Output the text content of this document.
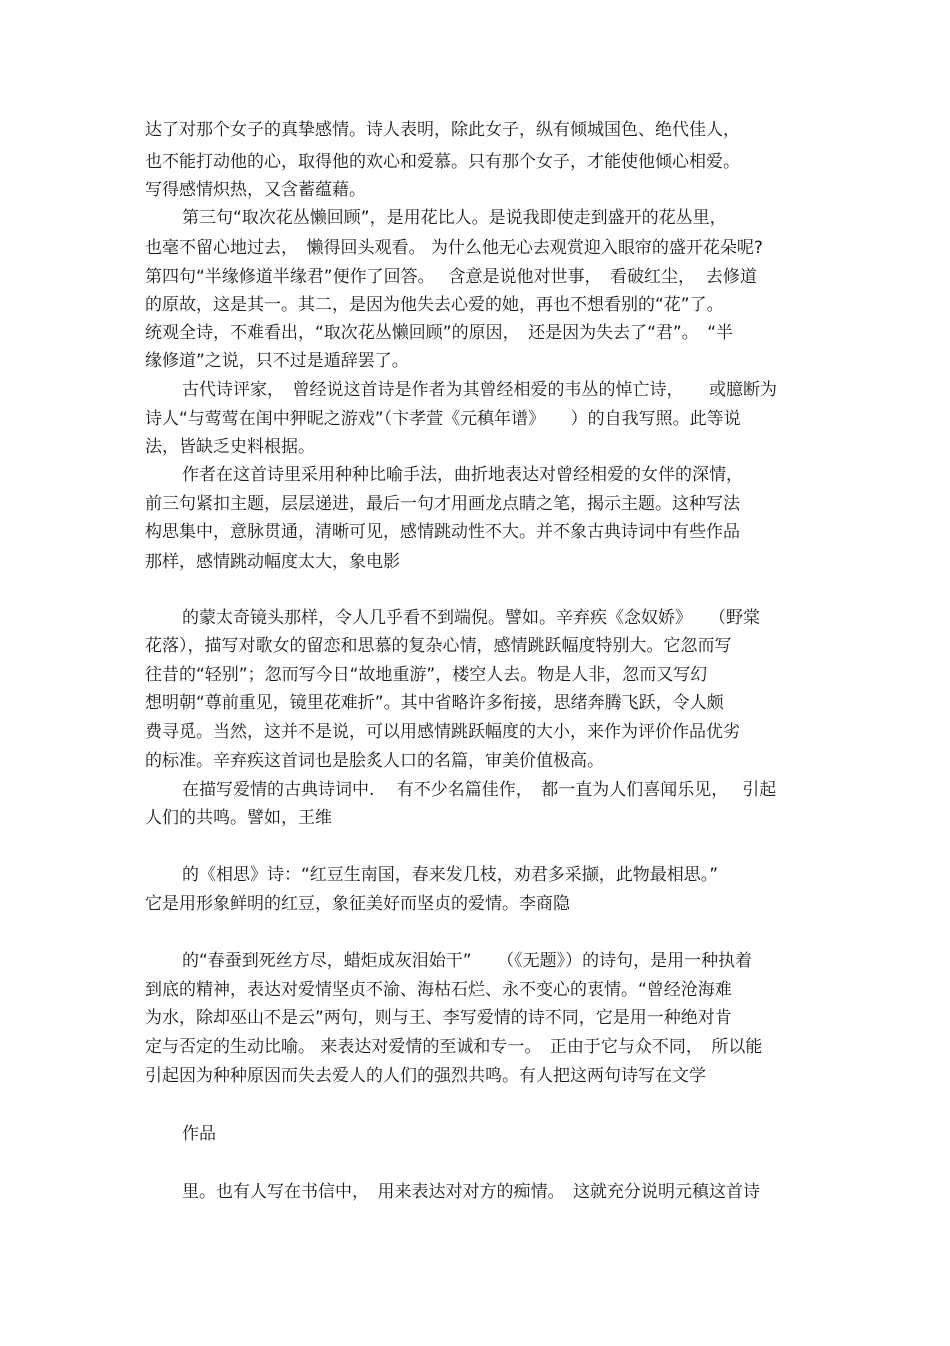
达了对那个女子的真挚感情。诗人表明，除此女子，纵有倾城国色、绝代佳人，
也不能打动他的心，取得他的欢心和爱慕。只有那个女子，才能使他倾心相爱。
写得感情炽热，又含蓄蕴藉。
第三句“取次花丛懒回顾”，是用花比人。是说我即使走到盛开的花丛里，
也毫不留心地过去，　懒得回头观看。 为什么他无心去观赏迎入眼帘的盛开花朵呢?
第四句“半缘修道半缘君”便作了回答。　 含意是说他对世事，　看破红尘，  去修道
的原故，这是其一。其二，是因为他失去心爱的她，再也不想看别的“花”了。
统观全诗，不难看出，“取次花丛懒回顾”的原因，　还是因为失去了“君”。　“半
缘修道”之说，只不过是遁辞罢了。
古代诗评家，　曾经说这首诗是作者为其曾经相爱的韦丛的悼亡诗，　　或臆断为
诗人“与莺莺在闺中狎昵之游戏”（卞孝萱《元稹年谱》　　）的自我写照。此等说
法，皆缺乏史料根据。
作者在这首诗里采用种种比喻手法，曲折地表达对曾经相爱的女伴的深情，
前三句紧扣主题，层层递进，最后一句才用画龙点睛之笔，揭示主题。这种写法
构思集中，意脉贯通，清晰可见，感情跳动性不大。并不象古典诗词中有些作品
那样，感情跳动幅度太大，象电影
的蒙太奇镜头那样，令人几乎看不到端倪。譬如。辛弃疾《念奴娇》　　（野棠
花落），描写对歌女的留恋和思慕的复杂心情，感情跳跃幅度特别大。它忽而写
往昔的“轻别”；忽而写今日“故地重游”，楼空人去。物是人非，忽而又写幻
想明朝“尊前重见，镜里花难折”。其中省略许多衔接，思绪奔腾飞跃，令人颇
费寻觅。当然，这并不是说，可以用感情跳跃幅度的大小，来作为评价作品优劣
的标准。辛弃疾这首词也是脍炙人口的名篇，审美价值极高。
在描写爱情的古典诗词中.　 有不少名篇佳作，　都一直为人们喜闻乐见，　 引起
人们的共鸣。譬如，王维
的《相思》诗：“红豆生南国，春来发几枝，劝君多采撷，此物最相思。”
它是用形象鲜明的红豆，象征美好而坚贞的爱情。李商隐
的“春蚕到死丝方尽，蜡炬成灰泪始干”　　（《无题》）的诗句，是用一种执着
到底的精神，表达对爱情坚贞不渝、海枯石烂、永不变心的衷情。“曾经沧海难
为水，除却巫山不是云”两句，则与王、李写爱情的诗不同，它是用一种绝对肯
定与否定的生动比喻。 来表达对爱情的至诚和专一。　正由于它与众不同，　所以能
引起因为种种原因而失去爱人的人们的强烈共鸣。有人把这两句诗写在文学
作品
里。也有人写在书信中，　用来表达对对方的痴情。　这就充分说明元稹这首诗
